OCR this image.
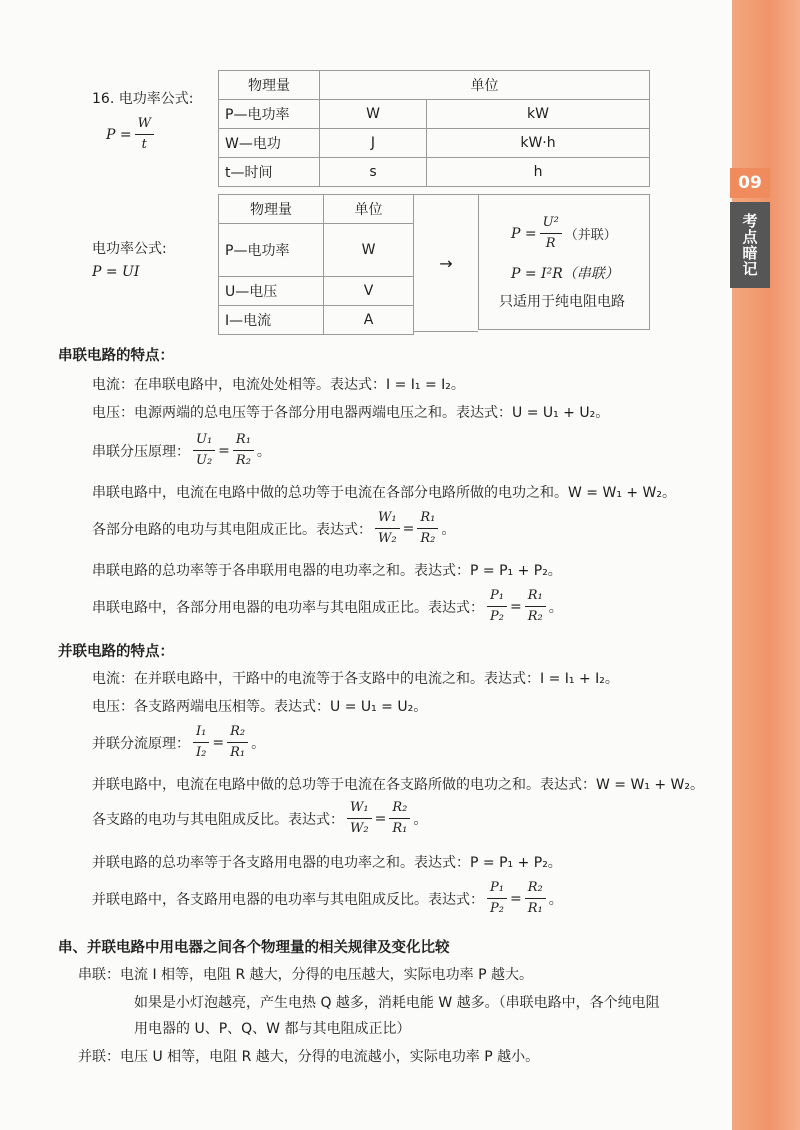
09
考点暗记
16. 电功率公式:
$P = \frac{W}{t}$
物理量	单位	
P—电功率	W	kW
W—电功	J	kW·h
t—时间	s	h
电功率公式:
P = UI
物理量	单位
P—电功率	W
U—电压	V
I—电流	A
→
$P = \frac{\text{U²}}{R}$ （并联）
P = I²R（串联）
只适用于纯电阻电路
串联电路的特点：
电流：在串联电路中，电流处处相等。表达式：I = I₁ = I₂。
电压：电源两端的总电压等于各部分用电器两端电压之和。表达式：U = U₁ + U₂。
串联分压原理： $\frac{\text{U₁}}{\text{U₂}} = \frac{\text{R₁}}{\text{R₂}}$ 。
串联电路中，电流在电路中做的总功等于电流在各部分电路所做的电功之和。W = W₁ + W₂。
各部分电路的电功与其电阻成正比。表达式： $\frac{\text{W₁}}{\text{W₂}} = \frac{\text{R₁}}{\text{R₂}}$ 。
串联电路的总功率等于各串联用电器的电功率之和。表达式：P = P₁ + P₂。
串联电路中，各部分用电器的电功率与其电阻成正比。表达式： $\frac{\text{P₁}}{\text{P₂}} = \frac{\text{R₁}}{\text{R₂}}$ 。
并联电路的特点：
电流：在并联电路中，干路中的电流等于各支路中的电流之和。表达式：I = I₁ + I₂。
电压：各支路两端电压相等。表达式：U = U₁ = U₂。
并联分流原理： $\frac{\text{I₁}}{\text{I₂}} = \frac{\text{R₂}}{\text{R₁}}$ 。
并联电路中，电流在电路中做的总功等于电流在各支路所做的电功之和。表达式：W = W₁ + W₂。
各支路的电功与其电阻成反比。表达式： $\frac{\text{W₁}}{\text{W₂}} = \frac{\text{R₂}}{\text{R₁}}$ 。
并联电路的总功率等于各支路用电器的电功率之和。表达式：P = P₁ + P₂。
并联电路中，各支路用电器的电功率与其电阻成反比。表达式： $\frac{\text{P₁}}{\text{P₂}} = \frac{\text{R₂}}{\text{R₁}}$ 。
串、并联电路中用电器之间各个物理量的相关规律及变化比较
串联：电流 I 相等，电阻 R 越大，分得的电压越大，实际电功率 P 越大。
如果是小灯泡越亮，产生电热 Q 越多，消耗电能 W 越多。（串联电路中，各个纯电阻
用电器的 U、P、Q、W 都与其电阻成正比）
并联：电压 U 相等，电阻 R 越大，分得的电流越小，实际电功率 P 越小。
